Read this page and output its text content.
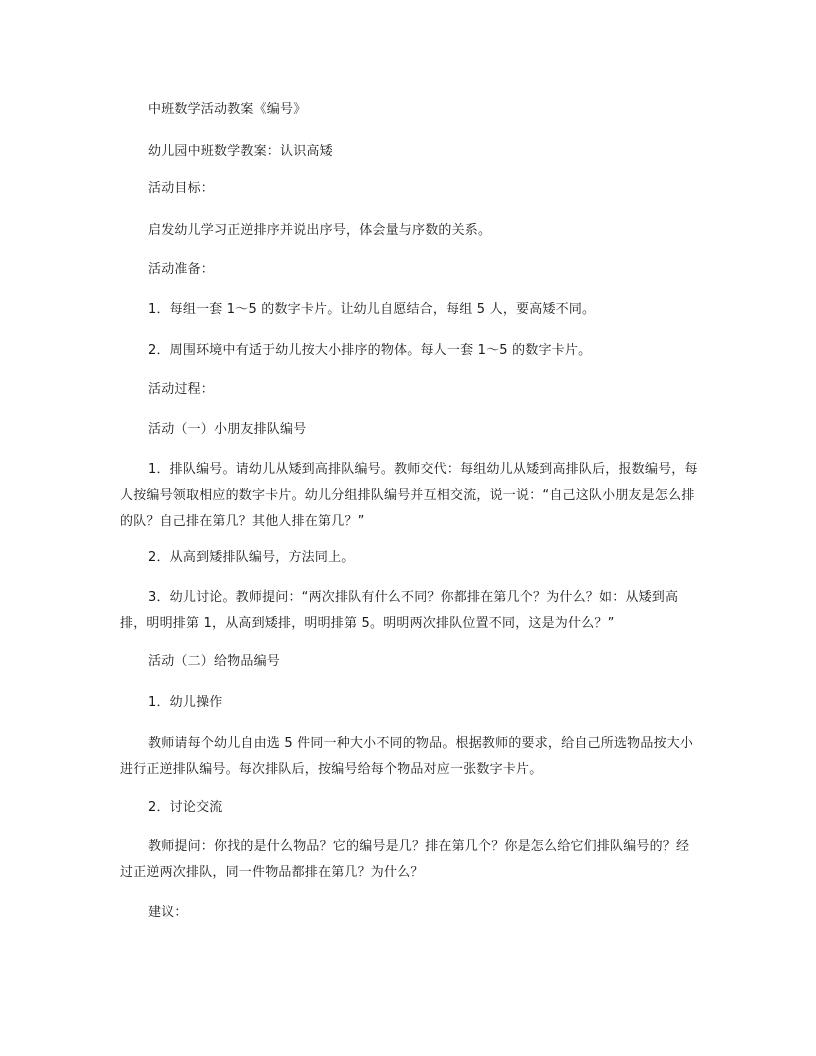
中班数学活动教案《编号》

幼儿园中班数学教案：认识高矮

活动目标：

启发幼儿学习正逆排序并说出序号，体会量与序数的关系。

活动准备：

1．每组一套 1～5 的数字卡片。让幼儿自愿结合，每组 5 人，要高矮不同。

2．周围环境中有适于幼儿按大小排序的物体。每人一套 1～5 的数字卡片。

活动过程：

活动（一）小朋友排队编号

1．排队编号。请幼儿从矮到高排队编号。教师交代：每组幼儿从矮到高排队后，报数编号，每人按编号领取相应的数字卡片。幼儿分组排队编号并互相交流，说一说：“自己这队小朋友是怎么排的队？自己排在第几？其他人排在第几？”

2．从高到矮排队编号，方法同上。

3．幼儿讨论。教师提问：“两次排队有什么不同？你都排在第几个？为什么？如：从矮到高排，明明排第 1，从高到矮排，明明排第 5。明明两次排队位置不同，这是为什么？”

活动（二）给物品编号

1．幼儿操作

教师请每个幼儿自由选 5 件同一种大小不同的物品。根据教师的要求，给自己所选物品按大小进行正逆排队编号。每次排队后，按编号给每个物品对应一张数字卡片。

2．讨论交流

教师提问：你找的是什么物品？它的编号是几？排在第几个？你是怎么给它们排队编号的？经过正逆两次排队，同一件物品都排在第几？为什么？

建议：
